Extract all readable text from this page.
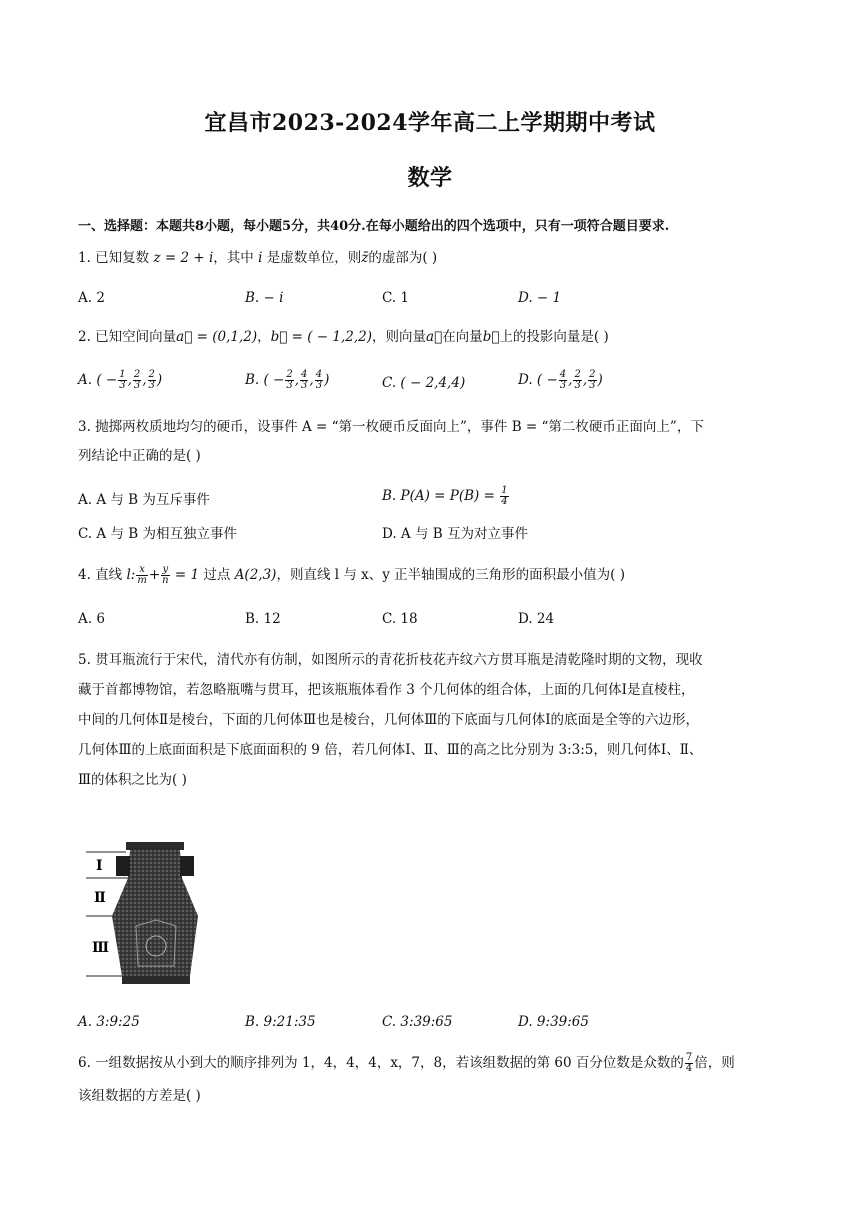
宜昌市2023-2024学年高二上学期期中考试
数学
一、选择题：本题共8小题，每小题5分，共40分.在每小题给出的四个选项中，只有一项符合题目要求.
1. 已知复数 z = 2 + i，其中 i 是虚数单位，则z̄的虚部为( )
A. 2	B. − i	C. 1	D. − 1
2. 已知空间向量a⃗ = (0,1,2)，b⃗ = ( − 1,2,2)，则向量a⃗在向量b⃗上的投影向量是( )
A. ( − $\frac{1}{3}$ , $\frac{2}{3}$ , $\frac{2}{3}$ )	B. ( − $\frac{2}{3}$ , $\frac{4}{3}$ , $\frac{4}{3}$ )	C. ( − 2,4,4)	D. ( − $\frac{4}{3}$ , $\frac{2}{3}$ , $\frac{2}{3}$ )
3. 抛掷两枚质地均匀的硬币，设事件 A = “第一枚硬币反面向上”，事件 B = “第二枚硬币正面向上”，下
列结论中正确的是( )
A. A 与 B 为互斥事件	B. $P(A) = P(B) = \frac{1}{4}$
C. A 与 B 为相互独立事件	D. A 与 B 互为对立事件
4. 直线 l: $\frac{x}{m} + \frac{y}{n} = 1$ 过点 A(2,3)，则直线 l 与 x、y 正半轴围成的三角形的面积最小值为( )
A. 6	B. 12	C. 18	D. 24
5. 贯耳瓶流行于宋代，清代亦有仿制，如图所示的青花折枝花卉纹六方贯耳瓶是清乾隆时期的文物，现收
藏于首都博物馆，若忽略瓶嘴与贯耳，把该瓶瓶体看作 3 个几何体的组合体，上面的几何体Ⅰ是直棱柱，
中间的几何体Ⅱ是棱台，下面的几何体Ⅲ也是棱台，几何体Ⅲ的下底面与几何体Ⅰ的底面是全等的六边形，
几何体Ⅲ的上底面面积是下底面面积的 9 倍，若几何体Ⅰ、Ⅱ、Ⅲ的高之比分别为 3:3:5，则几何体Ⅰ、Ⅱ、
Ⅲ的体积之比为( )
Ⅰ
Ⅱ
Ⅲ
A. 3:9:25	B. 9:21:35	C. 3:39:65	D. 9:39:65
6. 一组数据按从小到大的顺序排列为 1，4，4，4，x，7，8，若该组数据的第 60 百分位数是众数的 $\frac{7}{4}$ 倍，则
该组数据的方差是( )
